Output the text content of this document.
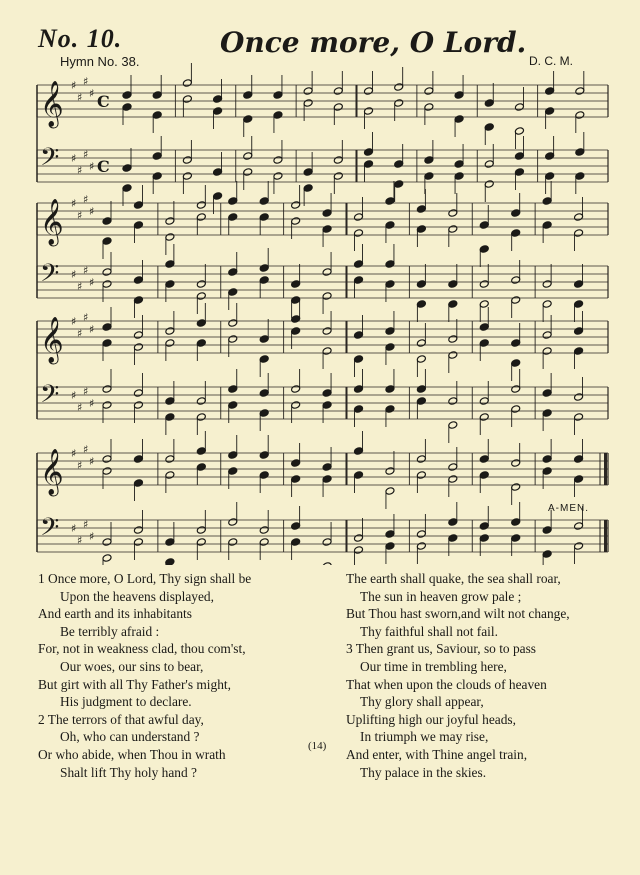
No. 10.	Once more, O Lord.
Hymn No. 38.	D. C. M.
𝄞 ♯
♯
♯
♯ C
𝄢 ♯
♯
♯
♯ C
𝄞 ♯
♯
♯
♯
𝄢 ♯
♯
♯
♯
𝄞 ♯
♯
♯
♯
𝄢 ♯
♯
♯
♯
𝄞 ♯
♯
♯
♯
𝄢 ♯
♯
♯
♯
A-MEN.
1 Once more, O Lord, Thy sign shall be
Upon the heavens displayed,
And earth and its inhabitants
Be terribly afraid :
For, not in weakness clad, thou com'st,
Our woes, our sins to bear,
But girt with all Thy Father's might,
His judgment to declare.
2 The terrors of that awful day,
Oh, who can understand ?
Or who abide, when Thou in wrath
Shalt lift Thy holy hand ?
The earth shall quake, the sea shall roar,
The sun in heaven grow pale ;
But Thou hast sworn,and wilt not change,
Thy faithful shall not fail.
3 Then grant us, Saviour, so to pass
Our time in trembling here,
That when upon the clouds of heaven
Thy glory shall appear,
Uplifting high our joyful heads,
In triumph we may rise,
And enter, with Thine angel train,
Thy palace in the skies.
(14)
